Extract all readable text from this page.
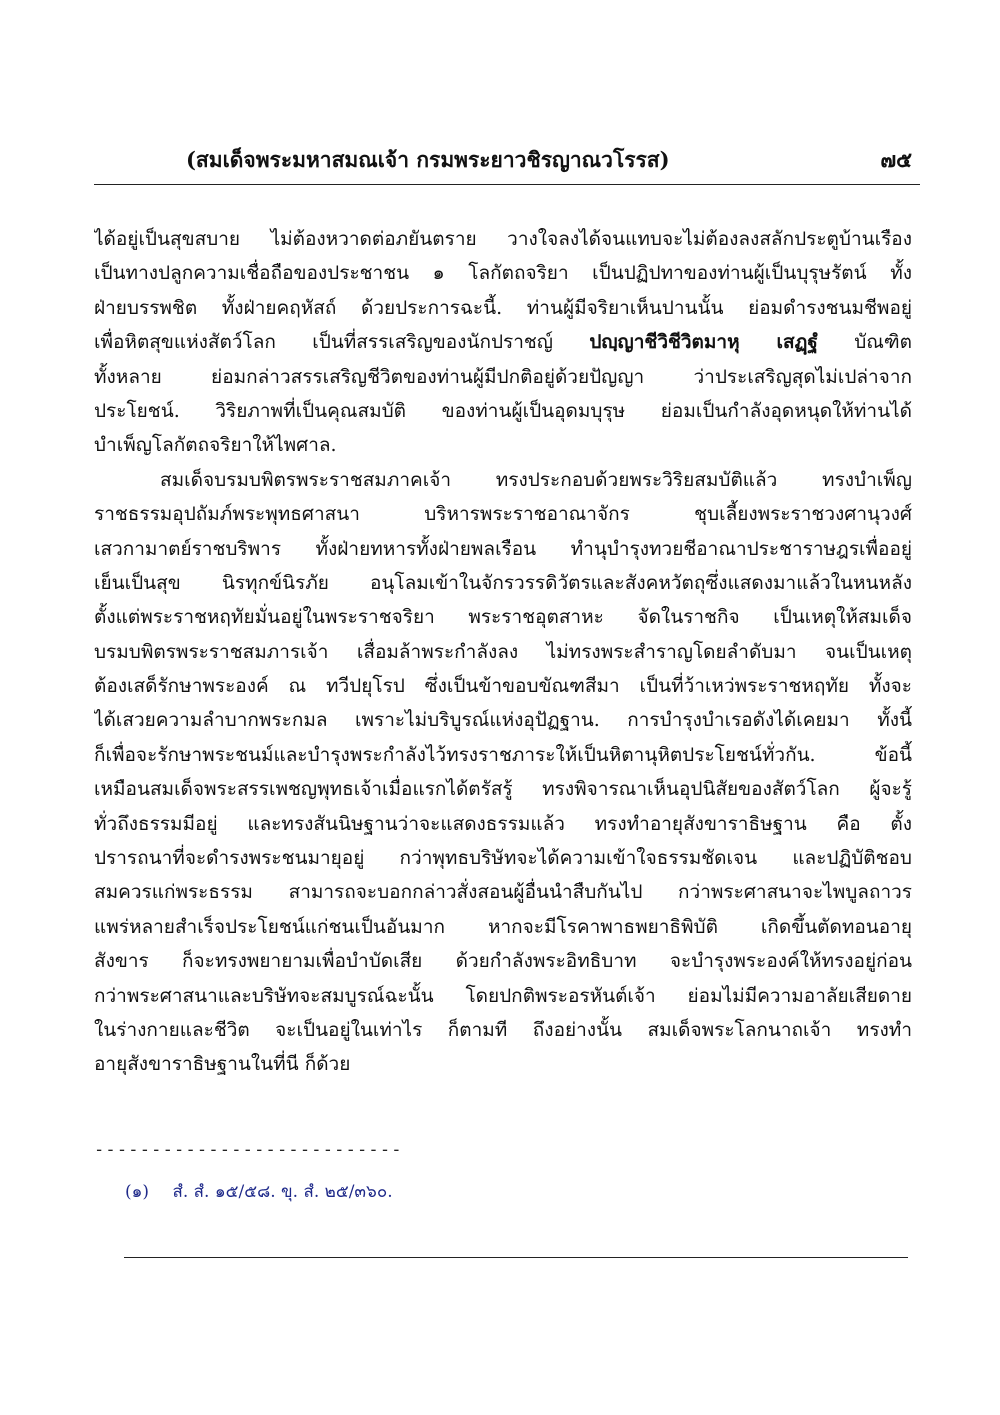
(สมเด็จพระมหาสมณเจ้า กรมพระยาวชิรญาณวโรรส)	๗๕
ได้อยู่เป็นสุขสบาย ไม่ต้องหวาดต่อภยันตราย วางใจลงได้จนแทบจะไม่ต้องลงสลักประตูบ้านเรือง
เป็นทางปลูกความเชื่อถือของประชาชน ๑ โลกัตถจริยา เป็นปฏิปทาของท่านผู้เป็นบุรุษรัตน์ ทั้ง
ฝ่ายบรรพชิต ทั้งฝ่ายคฤหัสถ์ ด้วยประการฉะนี้. ท่านผู้มีจริยาเห็นปานนั้น ย่อมดำรงชนมชีพอยู่
เพื่อหิตสุขแห่งสัตว์โลก เป็นที่สรรเสริญของนักปราชญ์ ปญฺญาชีวิชีวิตมาหุ เสฏฺฐํ บัณฑิต
ทั้งหลาย ย่อมกล่าวสรรเสริญชีวิตของท่านผู้มีปกติอยู่ด้วยปัญญา ว่าประเสริญสุดไม่เปล่าจาก
ประโยชน์. วิริยภาพที่เป็นคุณสมบัติ ของท่านผู้เป็นอุดมบุรุษ ย่อมเป็นกำลังอุดหนุดให้ท่านได้
บำเพ็ญโลกัตถจริยาให้ไพศาล.
สมเด็จบรมบพิตรพระราชสมภาคเจ้า ทรงประกอบด้วยพระวิริยสมบัติแล้ว ทรงบำเพ็ญ
ราชธรรมอุปถัมภ์พระพุทธศาสนา บริหารพระราชอาณาจักร ชุบเลี้ยงพระราชวงศานุวงศ์
เสวกามาตย์ราชบริพาร ทั้งฝ่ายทหารทั้งฝ่ายพลเรือน ทำนุบำรุงทวยชีอาณาประชาราษฎรเพื่ออยู่
เย็นเป็นสุข นิรทุกข์นิรภัย อนุโลมเข้าในจักรวรรดิวัตรและสังคหวัตถุซึ่งแสดงมาแล้วในหนหลัง
ตั้งแต่พระราชหฤทัยมั่นอยู่ในพระราชจริยา พระราชอุตสาหะ จัดในราชกิจ เป็นเหตุให้สมเด็จ
บรมบพิตรพระราชสมภารเจ้า เสื่อมล้าพระกำลังลง ไม่ทรงพระสำราญโดยลำดับมา จนเป็นเหตุ
ต้องเสด็รักษาพระองค์ ณ ทวีปยุโรป ซึ่งเป็นข้าขอบขัณฑสีมา เป็นที่ว้าเหว่พระราชหฤทัย ทั้งจะ
ได้เสวยความลำบากพระกมล เพราะไม่บริบูรณ์แห่งอุปัฏฐาน. การบำรุงบำเรอดังได้เคยมา ทั้งนี้
ก็เพื่อจะรักษาพระชนม์และบำรุงพระกำลังไว้ทรงราชภาระให้เป็นหิตานุหิตประโยชน์ทั่วกัน. ข้อนี้
เหมือนสมเด็จพระสรรเพชญพุทธเจ้าเมื่อแรกได้ตรัสรู้ ทรงพิจารณาเห็นอุปนิสัยของสัตว์โลก ผู้จะรู้
ทั่วถึงธรรมมีอยู่ และทรงสันนิษฐานว่าจะแสดงธรรมแล้ว ทรงทำอายุสังขาราธิษฐาน คือ ตั้ง
ปรารถนาที่จะดำรงพระชนมายุอยู่ กว่าพุทธบริษัทจะได้ความเข้าใจธรรมชัดเจน และปฏิบัติชอบ
สมควรแก่พระธรรม สามารถจะบอกกล่าวสั่งสอนผู้อื่นนำสืบกันไป กว่าพระศาสนาจะไพบูลถาวร
แพร่หลายสำเร็จประโยชน์แก่ชนเป็นอันมาก หากจะมีโรคาพาธพยาธิพิบัติ เกิดขึ้นตัดทอนอายุ
สังขาร ก็จะทรงพยายามเพื่อบำบัดเสีย ด้วยกำลังพระอิทธิบาท จะบำรุงพระองค์ให้ทรงอยู่ก่อน
กว่าพระศาสนาและบริษัทจะสมบูรณ์ฉะนั้น โดยปกติพระอรหันต์เจ้า ย่อมไม่มีความอาลัยเสียดาย
ในร่างกายและชีวิต จะเป็นอยู่ในเท่าไร ก็ตามที ถึงอย่างนั้น สมเด็จพระโลกนาถเจ้า ทรงทำ
อายุสังขาราธิษฐานในที่นี ก็ด้วย
---------------------------
(๑) สํ. สํ. ๑๕/๕๘. ขุ. สํ. ๒๕/๓๖๐.
